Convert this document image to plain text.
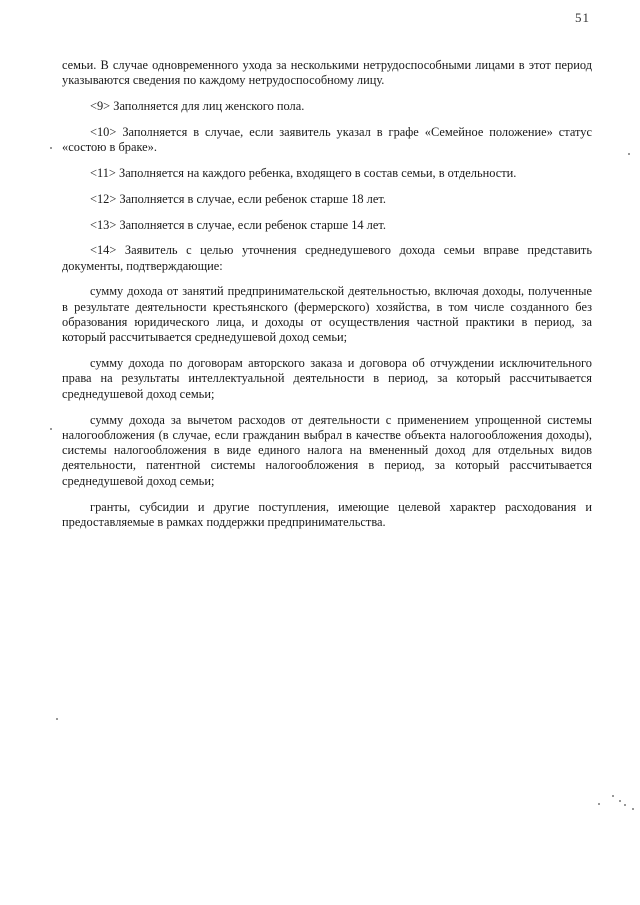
51

семьи. В случае одновременного ухода за несколькими нетрудоспособными лицами в этот период указываются сведения по каждому нетрудоспособному лицу.

<9> Заполняется для лиц женского пола.

<10> Заполняется в случае, если заявитель указал в графе «Семейное положение» статус «состою в браке».

<11> Заполняется на каждого ребенка, входящего в состав семьи, в отдельности.

<12> Заполняется в случае, если ребенок старше 18 лет.

<13> Заполняется в случае, если ребенок старше 14 лет.

<14> Заявитель с целью уточнения среднедушевого дохода семьи вправе представить документы, подтверждающие:

сумму дохода от занятий предпринимательской деятельностью, включая доходы, полученные в результате деятельности крестьянского (фермерского) хозяйства, в том числе созданного без образования юридического лица, и доходы от осуществления частной практики в период, за который рассчитывается среднедушевой доход семьи;

сумму дохода по договорам авторского заказа и договора об отчуждении исключительного права на результаты интеллектуальной деятельности в период, за который рассчитывается среднедушевой доход семьи;

сумму дохода за вычетом расходов от деятельности с применением упрощенной системы налогообложения (в случае, если гражданин выбрал в качестве объекта налогообложения доходы), системы налогообложения в виде единого налога на вмененный доход для отдельных видов деятельности, патентной системы налогообложения в период, за который рассчитывается среднедушевой доход семьи;

гранты, субсидии и другие поступления, имеющие целевой характер расходования и предоставляемые в рамках поддержки предпринимательства.
